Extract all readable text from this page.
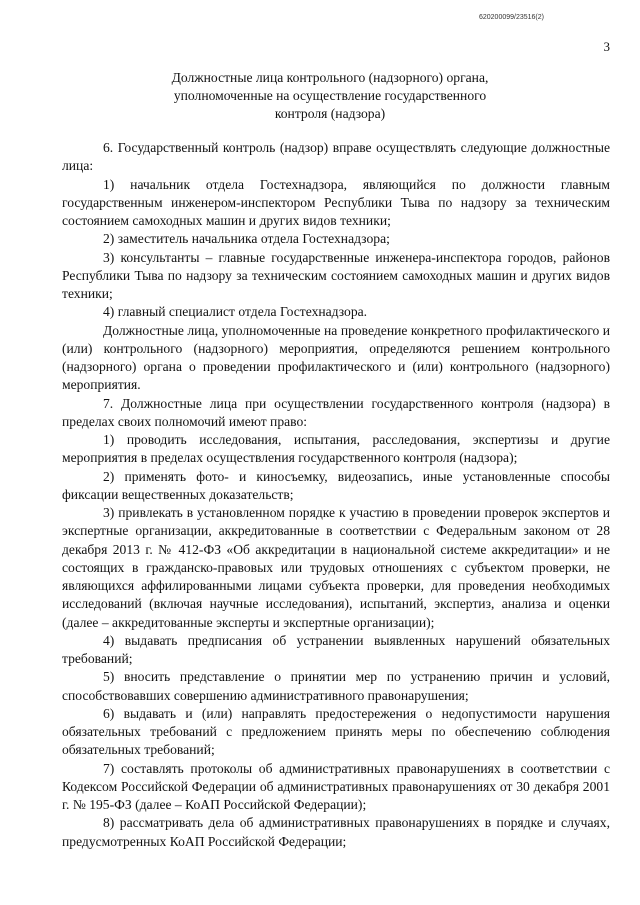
620200099/23516(2)
3
Должностные лица контрольного (надзорного) органа,
уполномоченные на осуществление государственного
контроля (надзора)

6. Государственный контроль (надзор) вправе осуществлять следующие должностные лица:

1) начальник отдела Гостехнадзора, являющийся по должности главным государственным инженером-инспектором Республики Тыва по надзору за техническим состоянием самоходных машин и других видов техники;

2) заместитель начальника отдела Гостехнадзора;

3) консультанты – главные государственные инженера-инспектора городов, районов Республики Тыва по надзору за техническим состоянием самоходных машин и других видов техники;

4) главный специалист отдела Гостехнадзора.

Должностные лица, уполномоченные на проведение конкретного профилактического и (или) контрольного (надзорного) мероприятия, определяются решением контрольного (надзорного) органа о проведении профилактического и (или) контрольного (надзорного) мероприятия.

7. Должностные лица при осуществлении государственного контроля (надзора) в пределах своих полномочий имеют право:

1) проводить исследования, испытания, расследования, экспертизы и другие мероприятия в пределах осуществления государственного контроля (надзора);

2) применять фото- и киносъемку, видеозапись, иные установленные способы фиксации вещественных доказательств;

3) привлекать в установленном порядке к участию в проведении проверок экспертов и экспертные организации, аккредитованные в соответствии с Федеральным законом от 28 декабря 2013 г. № 412-ФЗ «Об аккредитации в национальной системе аккредитации» и не состоящих в гражданско-правовых или трудовых отношениях с субъектом проверки, не являющихся аффилированными лицами субъекта проверки, для проведения необходимых исследований (включая научные исследования), испытаний, экспертиз, анализа и оценки (далее – аккредитованные эксперты и экспертные организации);

4) выдавать предписания об устранении выявленных нарушений обязательных требований;

5) вносить представление о принятии мер по устранению причин и условий, способствовавших совершению административного правонарушения;

6) выдавать и (или) направлять предостережения о недопустимости нарушения обязательных требований с предложением принять меры по обеспечению соблюдения обязательных требований;

7) составлять протоколы об административных правонарушениях в соответствии с Кодексом Российской Федерации об административных правонарушениях от 30 декабря 2001 г. № 195-ФЗ (далее – КоАП Российской Федерации);

8) рассматривать дела об административных правонарушениях в порядке и случаях, предусмотренных КоАП Российской Федерации;
